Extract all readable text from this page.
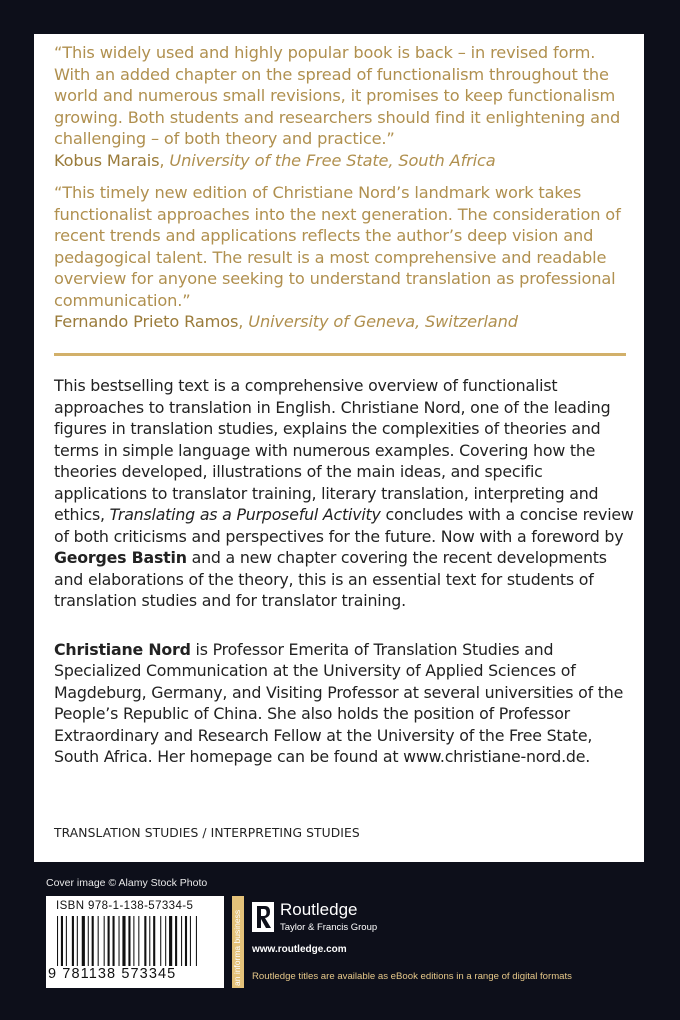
“This widely used and highly popular book is back – in revised form. With an added chapter on the spread of functionalism throughout the world and numerous small revisions, it promises to keep functionalism growing. Both students and researchers should find it enlightening and challenging – of both theory and practice.”
Kobus Marais, University of the Free State, South Africa

“This timely new edition of Christiane Nord’s landmark work takes functionalist approaches into the next generation. The consideration of recent trends and applications reflects the author’s deep vision and pedagogical talent. The result is a most comprehensive and readable overview for anyone seeking to understand translation as professional communication.”
Fernando Prieto Ramos, University of Geneva, Switzerland

This bestselling text is a comprehensive overview of functionalist approaches to translation in English. Christiane Nord, one of the leading figures in translation studies, explains the complexities of theories and terms in simple language with numerous examples. Covering how the theories developed, illustrations of the main ideas, and specific applications to translator training, literary translation, interpreting and ethics, Translating as a Purposeful Activity concludes with a concise review of both criticisms and perspectives for the future. Now with a foreword by Georges Bastin and a new chapter covering the recent developments and elaborations of the theory, this is an essential text for students of translation studies and for translator training.

Christiane Nord is Professor Emerita of Translation Studies and Specialized Communication at the University of Applied Sciences of Magdeburg, Germany, and Visiting Professor at several universities of the People’s Republic of China. She also holds the position of Professor Extraordinary and Research Fellow at the University of the Free State, South Africa. Her homepage can be found at www.christiane-nord.de.

TRANSLATION STUDIES / INTERPRETING STUDIES
Cover image © Alamy Stock Photo
ISBN 978-1-138-57334-5
9 781138 573345	an informa business
Routledge
Taylor & Francis Group
www.routledge.com
Routledge titles are available as eBook editions in a range of digital formats
